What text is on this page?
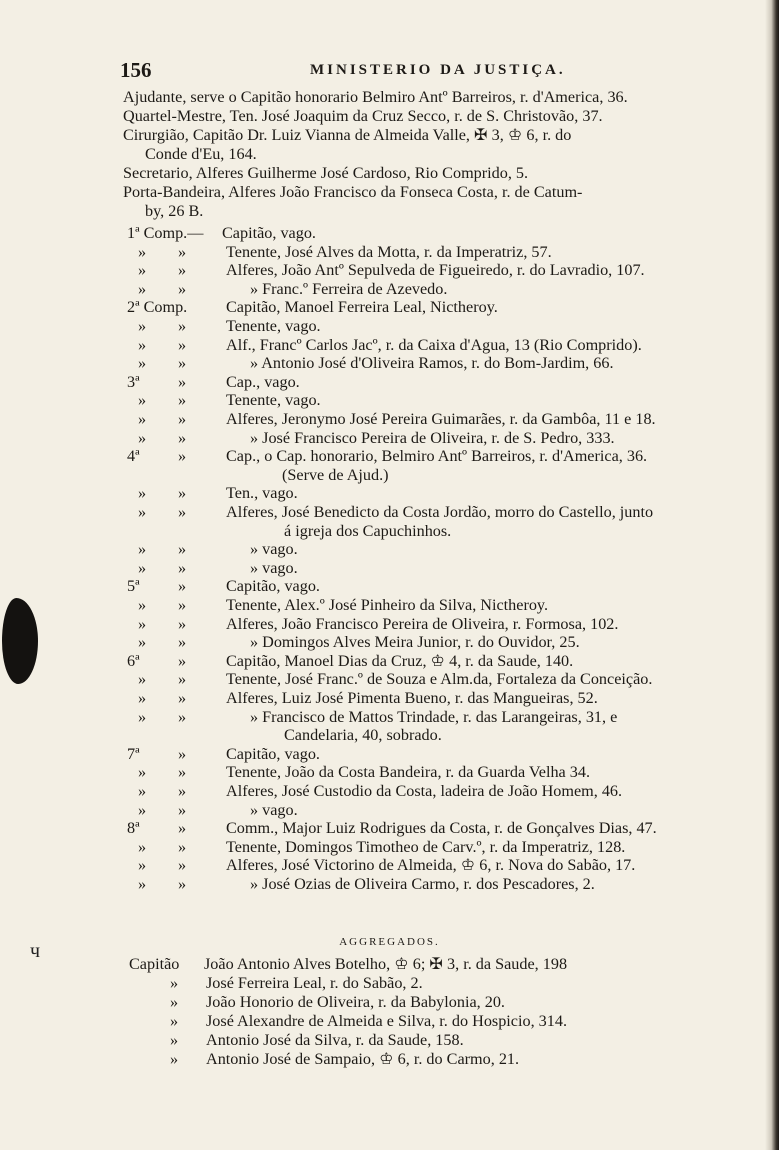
ч
156	MINISTERIO DA JUSTIÇA.
Ajudante, serve o Capitão honorario Belmiro Antº Barreiros, r. d'America, 36.
Quartel-Mestre, Ten. José Joaquim da Cruz Secco, r. de S. Christovão, 37.
Cirurgião, Capitão Dr. Luiz Vianna de Almeida Valle, ✠ 3, ♔ 6, r. do
Conde d'Eu, 164.
Secretario, Alferes Guilherme José Cardoso, Rio Comprido, 5.
Porta-Bandeira, Alferes João Francisco da Fonseca Costa, r. de Catum-
by, 26 B.
1ª Comp.— Capitão, vago.
» » Tenente, José Alves da Motta, r. da Imperatriz, 57.
» » Alferes, João Antº Sepulveda de Figueiredo, r. do Lavradio, 107.
» »	» Franc.º Ferreira de Azevedo.
2ª Comp. Capitão, Manoel Ferreira Leal, Nictheroy.
» » Tenente, vago.
» » Alf., Francº Carlos Jacº, r. da Caixa d'Agua, 13 (Rio Comprido).
» »	» Antonio José d'Oliveira Ramos, r. do Bom-Jardim, 66.
3ª » Cap., vago.
» » Tenente, vago.
» » Alferes, Jeronymo José Pereira Guimarães, r. da Gambôa, 11 e 18.
» »	» José Francisco Pereira de Oliveira, r. de S. Pedro, 333.
4ª » Cap., o Cap. honorario, Belmiro Antº Barreiros, r. d'America, 36.
(Serve de Ajud.)
» » Ten., vago.
» » Alferes, José Benedicto da Costa Jordão, morro do Castello, junto
á igreja dos Capuchinhos.
» »	» vago.
» »	» vago.
5ª » Capitão, vago.
» » Tenente, Alex.º José Pinheiro da Silva, Nictheroy.
» » Alferes, João Francisco Pereira de Oliveira, r. Formosa, 102.
» »	» Domingos Alves Meira Junior, r. do Ouvidor, 25.
6ª » Capitão, Manoel Dias da Cruz, ♔ 4, r. da Saude, 140.
» » Tenente, José Franc.º de Souza e Alm.da, Fortaleza da Conceição.
» » Alferes, Luiz José Pimenta Bueno, r. das Mangueiras, 52.
» »	» Francisco de Mattos Trindade, r. das Larangeiras, 31, e
Candelaria, 40, sobrado.
7ª » Capitão, vago.
» » Tenente, João da Costa Bandeira, r. da Guarda Velha 34.
» » Alferes, José Custodio da Costa, ladeira de João Homem, 46.
» »	» vago.
8ª » Comm., Major Luiz Rodrigues da Costa, r. de Gonçalves Dias, 47.
» » Tenente, Domingos Timotheo de Carv.º, r. da Imperatriz, 128.
» » Alferes, José Victorino de Almeida, ♔ 6, r. Nova do Sabão, 17.
» »	» José Ozias de Oliveira Carmo, r. dos Pescadores, 2.
AGGREGADOS.
Capitão João Antonio Alves Botelho, ♔ 6; ✠ 3, r. da Saude, 198
» José Ferreira Leal, r. do Sabão, 2.
» João Honorio de Oliveira, r. da Babylonia, 20.
» José Alexandre de Almeida e Silva, r. do Hospicio, 314.
» Antonio José da Silva, r. da Saude, 158.
» Antonio José de Sampaio, ♔ 6, r. do Carmo, 21.
